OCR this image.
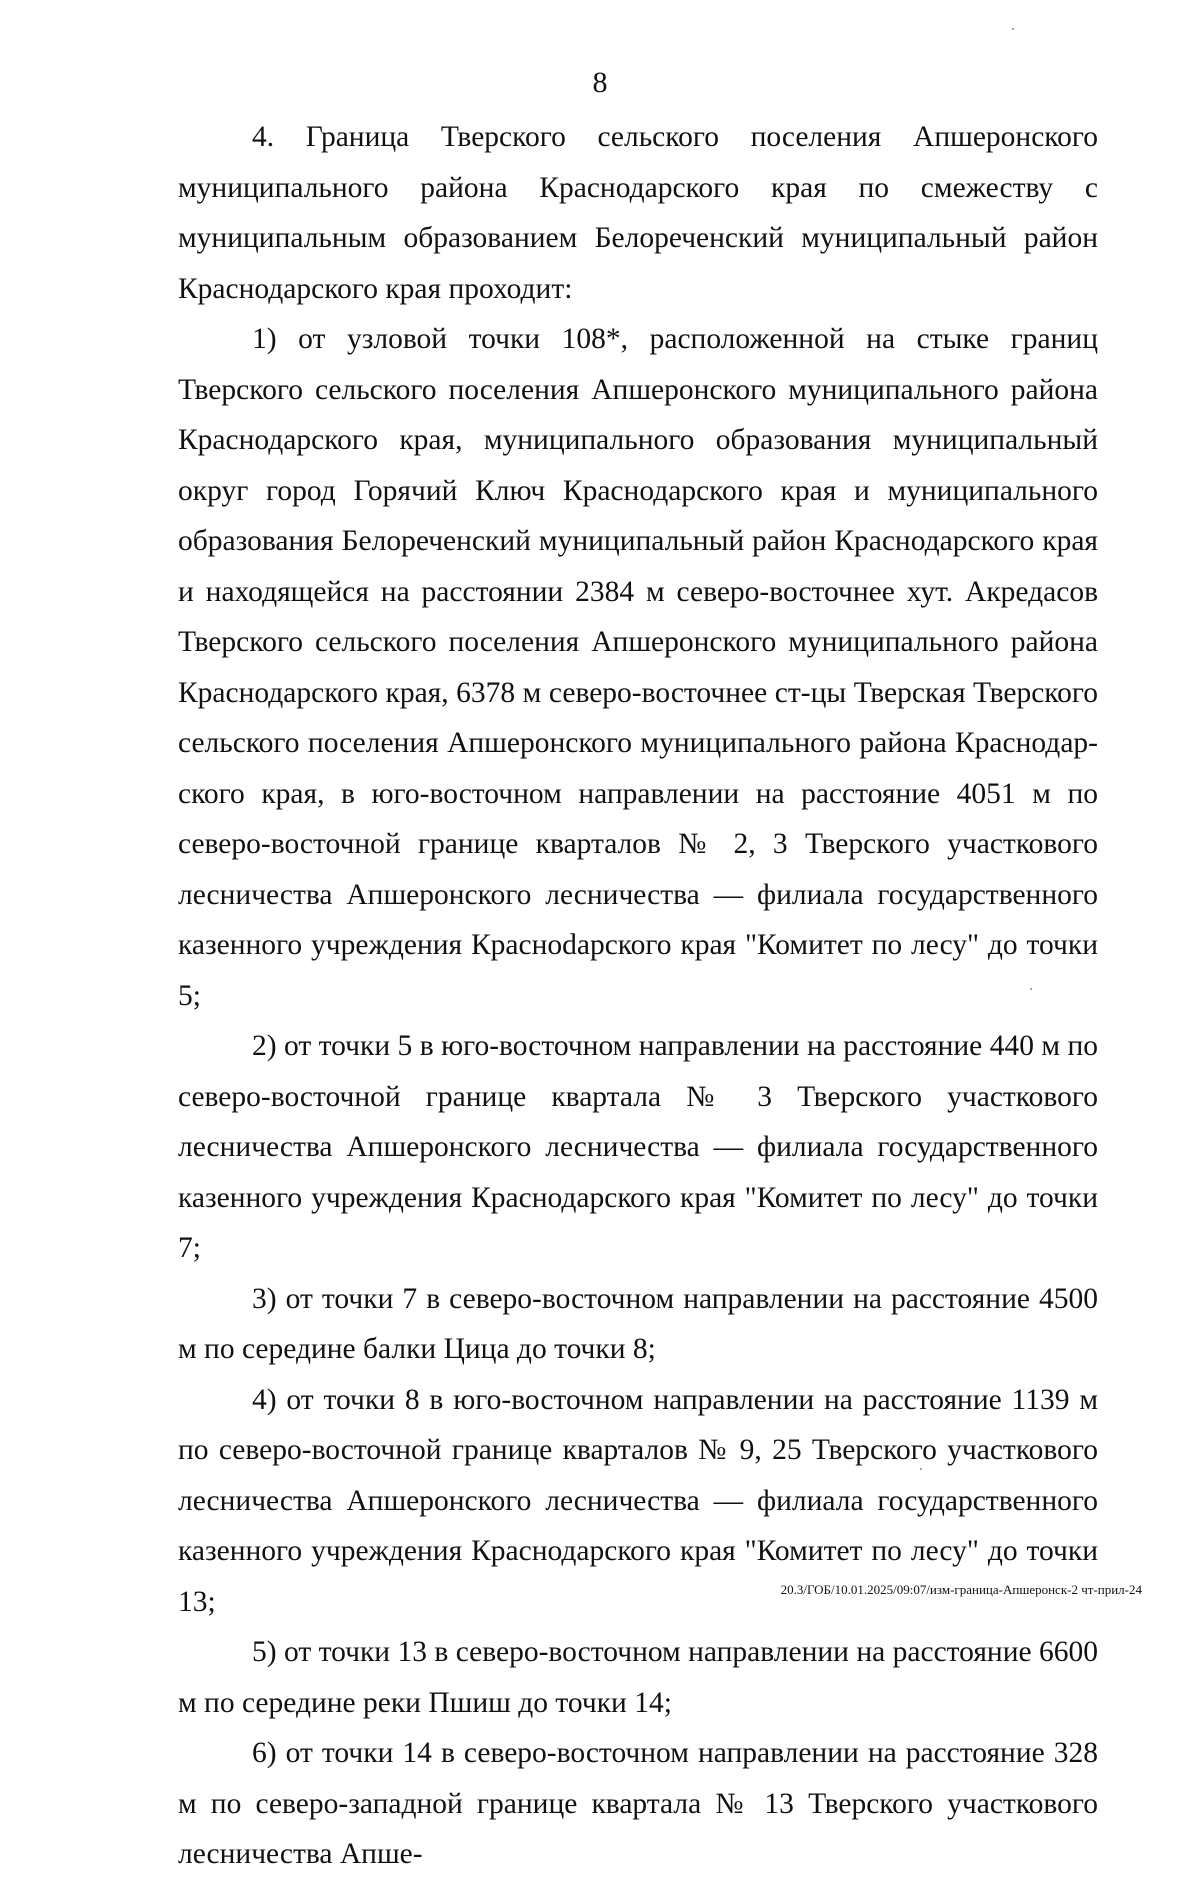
8

4. Граница Тверского сельского поселения Апшеронского муниципального района Краснодарского края по смежеству с муниципальным образованием Белореченский муниципальный район Краснодарского края проходит:

1) от узловой точки 108*, расположенной на стыке границ Тверского сельского поселения Апшеронского муниципального района Краснодарского края, муниципального образования муниципальный округ город Горячий Ключ Краснодарского края и муниципального образования Белореченский муниципальный район Краснодарского края и находящейся на расстоянии 2384 м северо-восточнее хут. Акредасов Тверского сельского поселения Апшеронского муниципального района Краснодарского края, 6378 м северо-восточнее ст-цы Тверская Тверского сельского поселения Апшеронского муниципального района Краснодарского края, в юго-восточном направлении на расстояние 4051 м по северо-восточной границе кварталов № 2, 3 Тверского участкового лесничества Апшеронского лесничества — филиала государственного казенного учреждения Красноdарского края "Комитет по лесу" до точки 5;

2) от точки 5 в юго-восточном направлении на расстояние 440 м по северо-восточной границе квартала № 3 Тверского участкового лесничества Апшеронского лесничества — филиала государственного казенного учреждения Краснодарского края "Комитет по лесу" до точки 7;

3) от точки 7 в северо-восточном направлении на расстояние 4500 м по середине балки Цица до точки 8;

4) от точки 8 в юго-восточном направлении на расстояние 1139 м по северо-восточной границе кварталов № 9, 25 Тверского участкового лесничества Апшеронского лесничества — филиала государственного казенного учреждения Краснодарского края "Комитет по лесу" до точки 13;

5) от точки 13 в северо-восточном направлении на расстояние 6600 м по середине реки Пшиш до точки 14;

6) от точки 14 в северо-восточном направлении на расстояние 328 м по северо-западной границе квартала № 13 Тверского участкового лесничества Апше-

20.3/ГОБ/10.01.2025/09:07/изм-граница-Апшеронск-2 чт-прил-24
